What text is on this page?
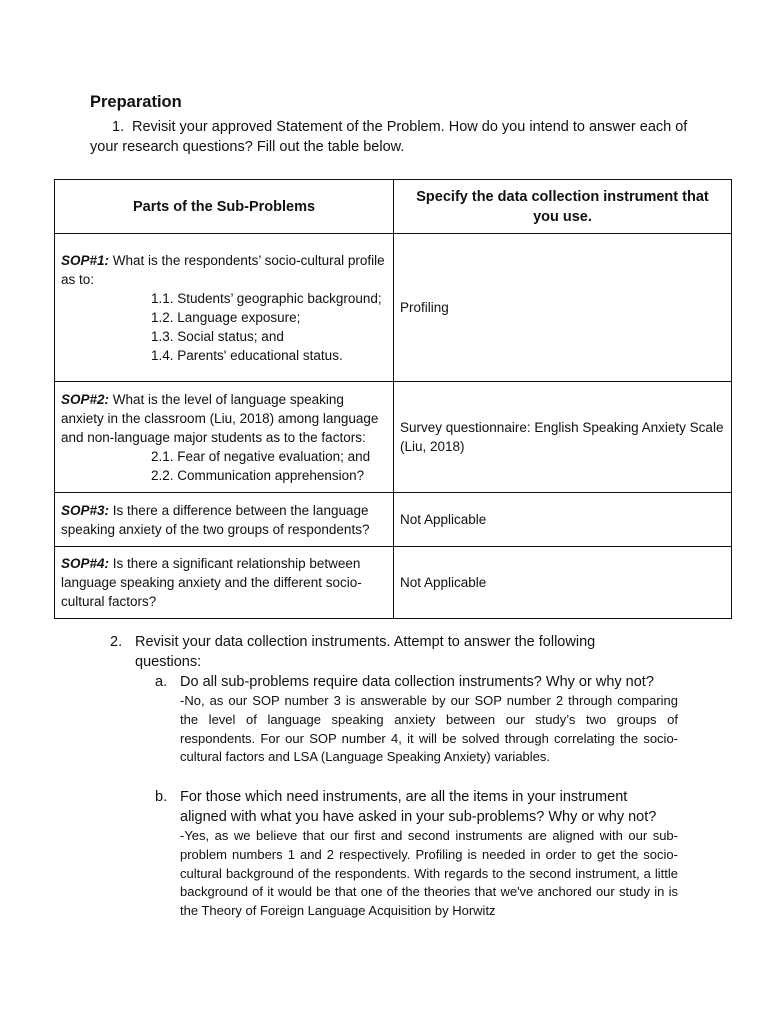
Preparation
1. Revisit your approved Statement of the Problem. How do you intend to answer each of your research questions? Fill out the table below.
Parts of the Sub-Problems	Specify the data collection instrument that you use.
SOP#1: What is the respondents’ socio-cultural profile as to:
1.1. Students’ geographic background;
1.2. Language exposure;
1.3. Social status; and
1.4. Parents' educational status.	Profiling
SOP#2: What is the level of language speaking anxiety in the classroom (Liu, 2018) among language and non-language major students as to the factors:
2.1. Fear of negative evaluation; and
2.2. Communication apprehension?	Survey questionnaire: English Speaking Anxiety Scale (Liu, 2018)
SOP#3: Is there a difference between the language speaking anxiety of the two groups of respondents?	Not Applicable
SOP#4: Is there a significant relationship between language speaking anxiety and the different socio-cultural factors?	Not Applicable
2. Revisit your data collection instruments. Attempt to answer the following
questions:
a. Do all sub-problems require data collection instruments? Why or why not?
-No, as our SOP number 3 is answerable by our SOP number 2 through comparing the level of language speaking anxiety between our study’s two groups of respondents. For our SOP number 4, it will be solved through correlating the socio-cultural factors and LSA (Language Speaking Anxiety) variables.
b. For those which need instruments, are all the items in your instrument aligned with what you have asked in your sub-problems? Why or why not?
-Yes, as we believe that our first and second instruments are aligned with our sub-problem numbers 1 and 2 respectively. Profiling is needed in order to get the socio-cultural background of the respondents. With regards to the second instrument, a little background of it would be that one of the theories that we've anchored our study in is the Theory of Foreign Language Acquisition by Horwitz
